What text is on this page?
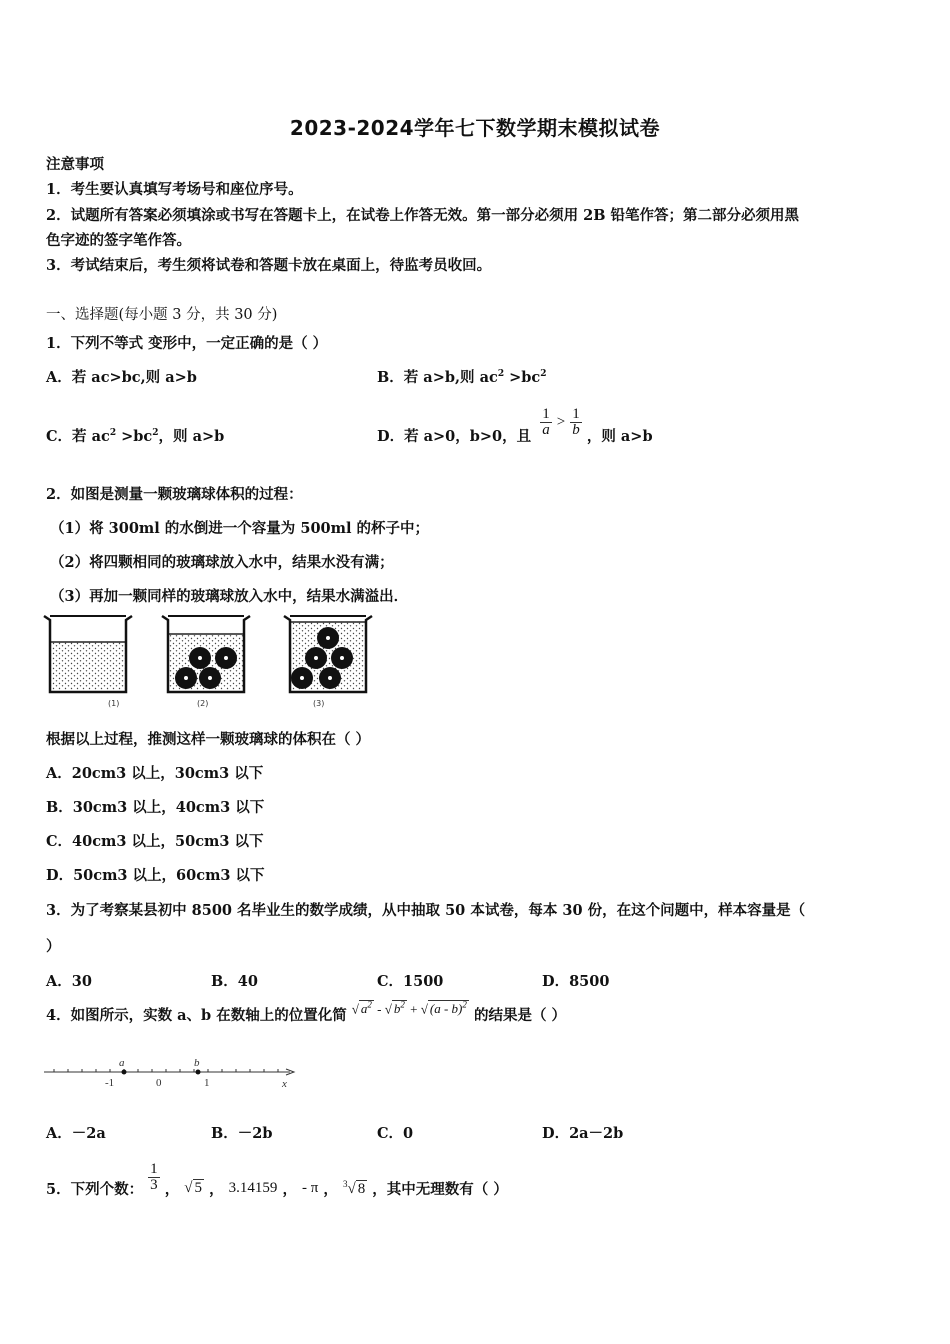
2023-2024学年七下数学期末模拟试卷
注意事项
1．考生要认真填写考场号和座位序号。
2．试题所有答案必须填涂或书写在答题卡上，在试卷上作答无效。第一部分必须用 2B 铅笔作答；第二部分必须用黑
色字迹的签字笔作答。
3．考试结束后，考生须将试卷和答题卡放在桌面上，待监考员收回。
一、选择题(每小题 3 分，共 30 分)
1．下列不等式 变形中，一定正确的是（ ）
A．若 ac>bc,则 a>b	B．若 a>b,则 $ac^2 >bc^2$
C．若 $ac^2 >bc^2$，则 a>b	D．若 a>0，b>0，且 $\frac{1}{a} > \frac{1}{b}$ ，则 a>b
2．如图是测量一颗玻璃球体积的过程：
（1）将 300ml 的水倒进一个容量为 500ml 的杯子中；
（2）将四颗相同的玻璃球放入水中，结果水没有满；
（3）再加一颗同样的玻璃球放入水中，结果水满溢出．
(1)	(2)	(3)
根据以上过程，推测这样一颗玻璃球的体积在（ ）
A．20cm3 以上，30cm3 以下
B．30cm3 以上，40cm3 以下
C．40cm3 以上，50cm3 以下
D．50cm3 以上，60cm3 以下
3．为了考察某县初中 8500 名毕业生的数学成绩，从中抽取 50 本试卷，每本 30 份，在这个问题中，样本容量是（
）
A．30	B．40	C．1500	D．8500
4．如图所示，实数 a、b 在数轴上的位置化简 √ $a^2$ - √ $b^2$ + √ (a - b)$^2$ 的结果是（ ）
a	b
-1	0	1	x
A．－2a	B．－2b	C．0	D．2a－2b
5．下列个数： $\frac{1}{3}$ ， √ 5 ， 3.14159 ， - π ， $^3$√ 8 ，其中无理数有（ ）
